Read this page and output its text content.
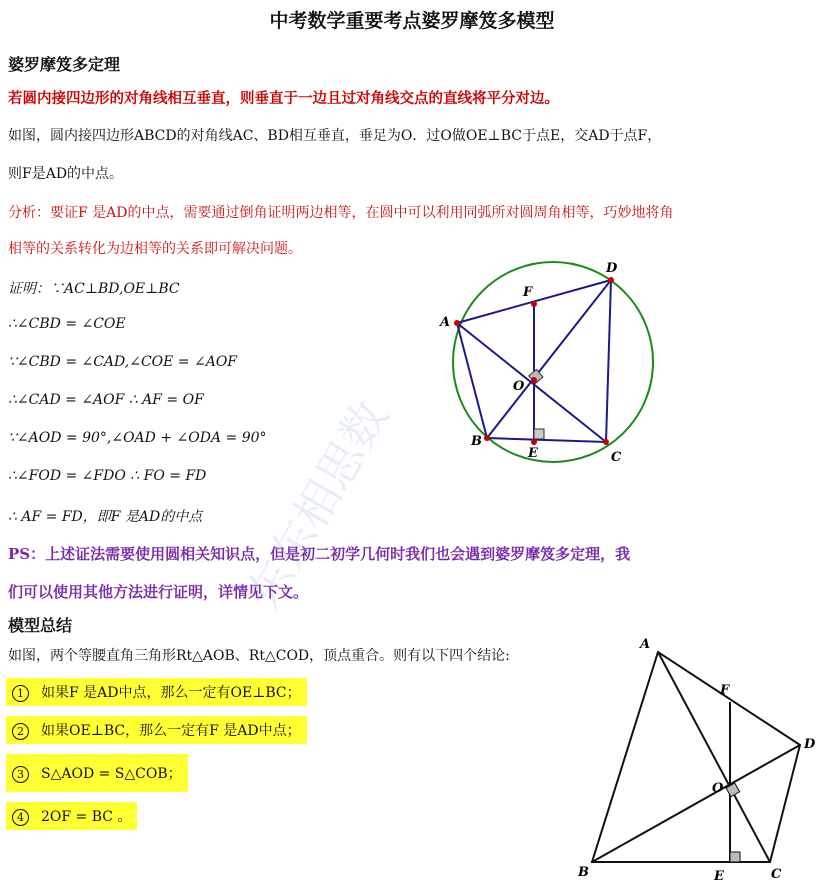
中考数学重要考点婆罗摩笈多模型
婆罗摩笈多定理
若圆内接四边形的对角线相互垂直，则垂直于一边且过对角线交点的直线将平分对边。
如图，圆内接四边形ABCD的对角线AC、BD相互垂直，垂足为O．过O做OE⊥BC于点E，交AD于点F，
则F是AD的中点。
分析：要证F 是AD的中点，需要通过倒角证明两边相等，在圆中可以利用同弧所对圆周角相等，巧妙地将角
相等的关系转化为边相等的关系即可解决问题。
证明：∵AC⊥BD,OE⊥BC
∴∠CBD = ∠COE
∵∠CBD = ∠CAD,∠COE = ∠AOF
∴∠CAD = ∠AOF ∴ AF = OF
∵∠AOD = 90°,∠OAD + ∠ODA = 90°
∴∠FOD = ∠FDO ∴ FO = FD
∴ AF = FD，即F 是AD的中点
PS：上述证法需要使用圆相关知识点，但是初二初学几何时我们也会遇到婆罗摩笈多定理，我
们可以使用其他方法进行证明，详情见下文。
模型总结
如图，两个等腰直角三角形Rt△AOB、Rt△COD，顶点重合。则有以下四个结论:
1 如果F 是AD中点，那么一定有OE⊥BC；
2 如果OE⊥BC，那么一定有F 是AD中点；
3 S△AOD = S△COB；
4 2OF = BC 。
A
D
C
B
F
O
E
A
F
D
O
B	C
E
东东相思数
